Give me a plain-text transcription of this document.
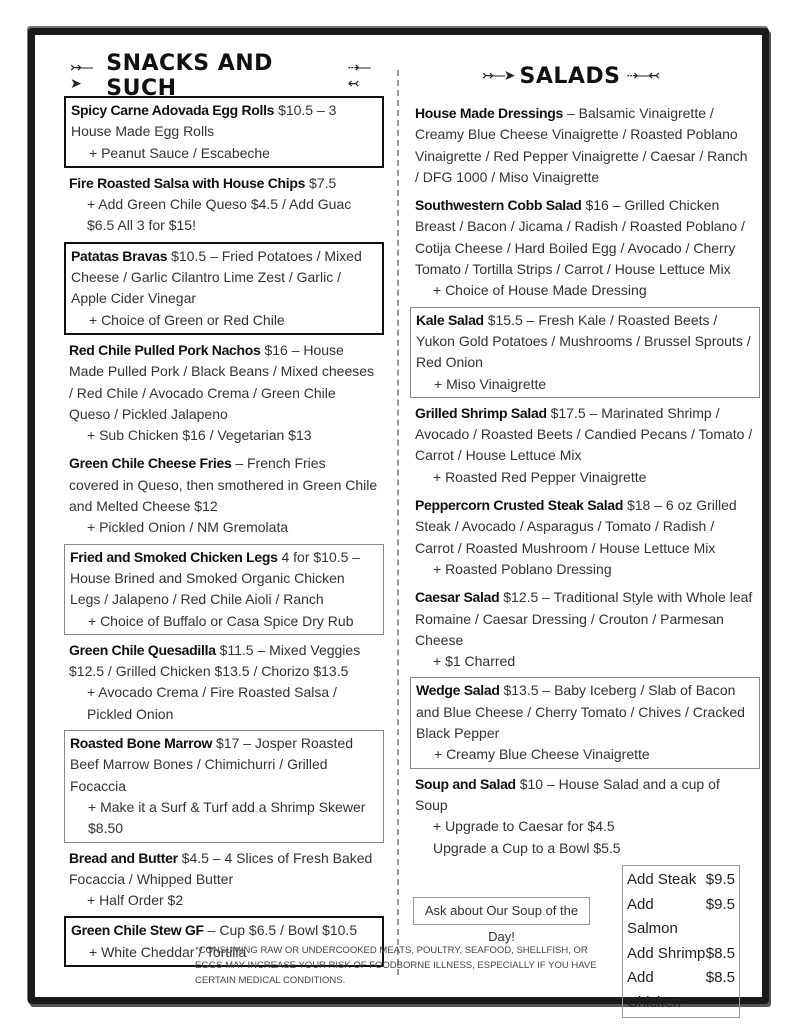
↣—➤
SNACKS AND SUCH
⇢—↢	↣—➤ SALADS ⇢—↢
Spicy Carne Adovada Egg Rolls $10.5 – 3 House Made Egg Rolls
+ Peanut Sauce / Escabeche
Fire Roasted Salsa with House Chips $7.5
+ Add Green Chile Queso $4.5 / Add Guac $6.5 All 3 for $15!
Patatas Bravas $10.5 – Fried Potatoes / Mixed Cheese / Garlic Cilantro Lime Zest / Garlic / Apple Cider Vinegar
+ Choice of Green or Red Chile
Red Chile Pulled Pork Nachos $16 – House Made Pulled Pork / Black Beans / Mixed cheeses / Red Chile / Avocado Crema / Green Chile Queso / Pickled Jalapeno
+ Sub Chicken $16 / Vegetarian $13
Green Chile Cheese Fries – French Fries covered in Queso, then smothered in Green Chile and Melted Cheese $12
+ Pickled Onion / NM Gremolata
Fried and Smoked Chicken Legs 4 for $10.5 – House Brined and Smoked Organic Chicken Legs / Jalapeno / Red Chile Aioli / Ranch
+ Choice of Buffalo or Casa Spice Dry Rub
Green Chile Quesadilla $11.5 – Mixed Veggies $12.5 / Grilled Chicken $13.5 / Chorizo $13.5
+ Avocado Crema / Fire Roasted Salsa / Pickled Onion
Roasted Bone Marrow $17 – Josper Roasted Beef Marrow Bones / Chimichurri / Grilled Focaccia
+ Make it a Surf & Turf add a Shrimp Skewer $8.50
Bread and Butter $4.5 – 4 Slices of Fresh Baked Focaccia / Whipped Butter
+ Half Order $2
Green Chile Stew GF – Cup $6.5 / Bowl $10.5
+ White Cheddar / Tortilla
House Made Dressings – Balsamic Vinaigrette / Creamy Blue Cheese Vinaigrette / Roasted Poblano Vinaigrette / Red Pepper Vinaigrette / Caesar / Ranch / DFG 1000 / Miso Vinaigrette
Southwestern Cobb Salad $16 – Grilled Chicken Breast / Bacon / Jicama / Radish / Roasted Poblano / Cotija Cheese / Hard Boiled Egg / Avocado / Cherry Tomato / Tortilla Strips / Carrot / House Lettuce Mix
+ Choice of House Made Dressing
Kale Salad $15.5 – Fresh Kale / Roasted Beets / Yukon Gold Potatoes / Mushrooms / Brussel Sprouts / Red Onion
+ Miso Vinaigrette
Grilled Shrimp Salad $17.5 – Marinated Shrimp / Avocado / Roasted Beets / Candied Pecans / Tomato / Carrot / House Lettuce Mix
+ Roasted Red Pepper Vinaigrette
Peppercorn Crusted Steak Salad $18 – 6 oz Grilled Steak / Avocado / Asparagus / Tomato / Radish / Carrot / Roasted Mushroom / House Lettuce Mix
+ Roasted Poblano Dressing
Caesar Salad $12.5 – Traditional Style with Whole leaf Romaine / Caesar Dressing / Crouton / Parmesan Cheese
+ $1 Charred
Wedge Salad $13.5 – Baby Iceberg / Slab of Bacon and Blue Cheese / Cherry Tomato / Chives / Cracked Black Pepper
+ Creamy Blue Cheese Vinaigrette
Soup and Salad $10 – House Salad and a cup of Soup
+ Upgrade to Caesar for $4.5
Upgrade a Cup to a Bowl $5.5
Add Steak $9.5
Add Salmon
$9.5
Add Shrimp $8.5
Add Chicken
$8.5
Ask about Our Soup of the Day!
*CONSUMING RAW OR UNDERCOOKED MEATS, POULTRY, SEAFOOD, SHELLFISH, OR EGGS MAY INCREASE YOUR RISK OF FOODBORNE ILLNESS, ESPECIALLY IF YOU HAVE CERTAIN MEDICAL CONDITIONS.
